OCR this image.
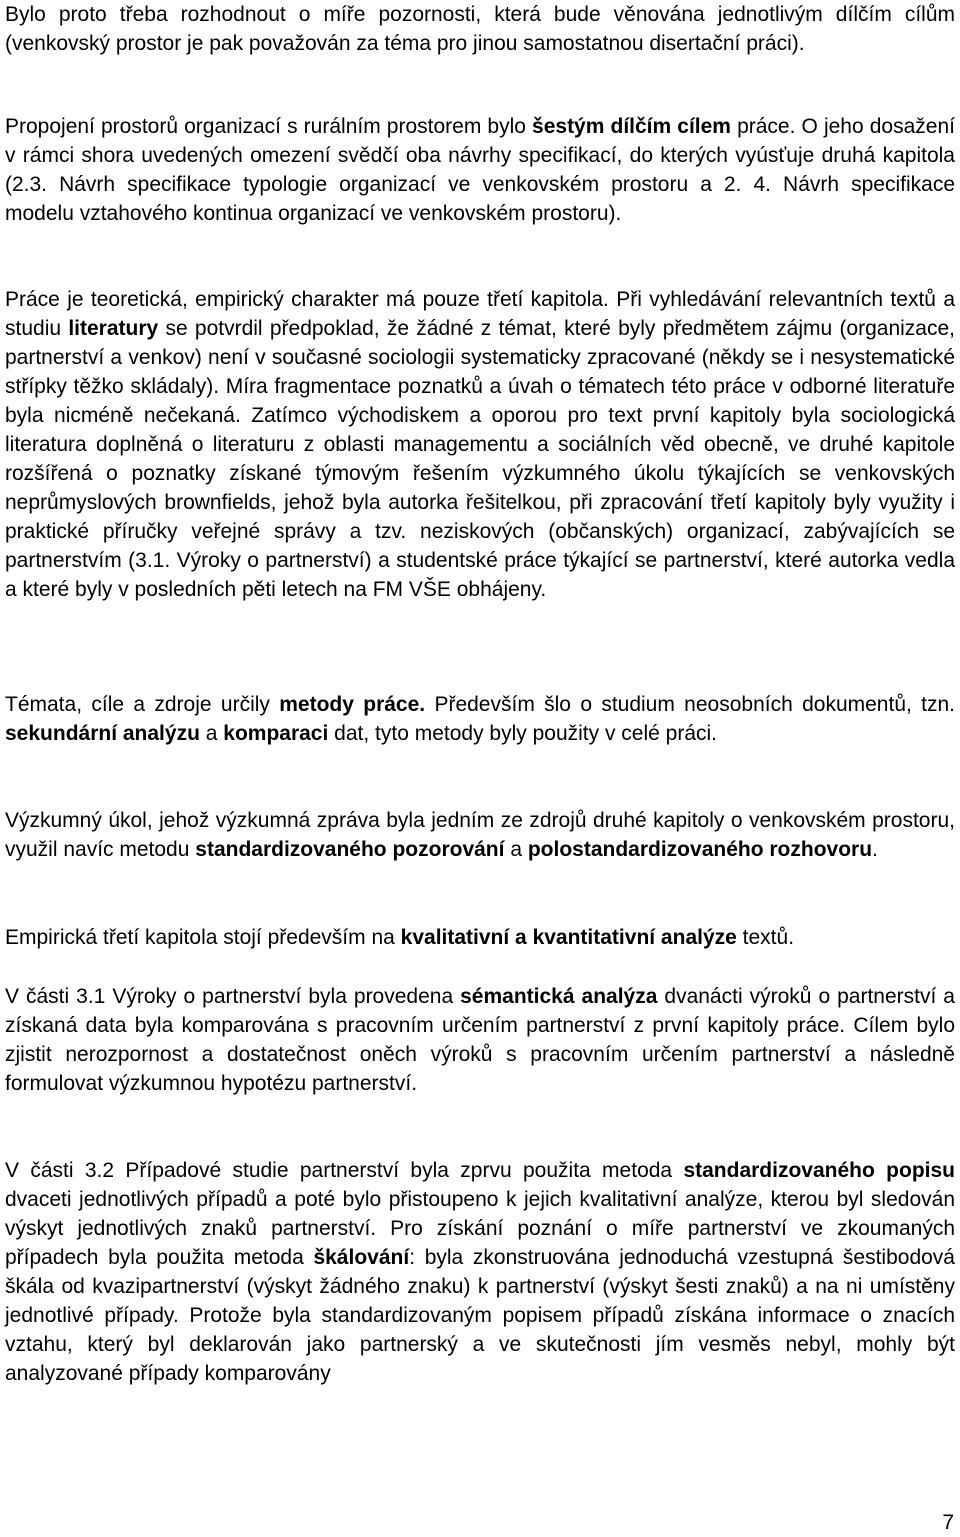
Bylo proto třeba rozhodnout o míře pozornosti, která bude věnována jednotlivým dílčím cílům (venkovský prostor je pak považován za téma pro jinou samostatnou disertační práci).

Propojení prostorů organizací s rurálním prostorem bylo šestým dílčím cílem práce. O jeho dosažení v rámci shora uvedených omezení svědčí oba návrhy specifikací, do kterých vyúsťuje druhá kapitola (2.3. Návrh specifikace typologie organizací ve venkovském prostoru a 2. 4. Návrh specifikace modelu vztahového kontinua organizací ve venkovském prostoru).

Práce je teoretická, empirický charakter má pouze třetí kapitola. Při vyhledávání relevantních textů a studiu literatury se potvrdil předpoklad, že žádné z témat, které byly předmětem zájmu (organizace, partnerství a venkov) není v současné sociologii systematicky zpracované (někdy se i nesystematické střípky těžko skládaly). Míra fragmentace poznatků a úvah o tématech této práce v odborné literatuře byla nicméně nečekaná. Zatímco východiskem a oporou pro text první kapitoly byla sociologická literatura doplněná o literaturu z oblasti managementu a sociálních věd obecně, ve druhé kapitole rozšířená o poznatky získané týmovým řešením výzkumného úkolu týkajících se venkovských neprůmyslových brownfields, jehož byla autorka řešitelkou, při zpracování třetí kapitoly byly využity i praktické příručky veřejné správy a tzv. neziskových (občanských) organizací, zabývajících se partnerstvím (3.1. Výroky o partnerství) a studentské práce týkající se partnerství, které autorka vedla a které byly v posledních pěti letech na FM VŠE obhájeny.

Témata, cíle a zdroje určily metody práce. Především šlo o studium neosobních dokumentů, tzn. sekundární analýzu a komparaci dat, tyto metody byly použity v celé práci.

Výzkumný úkol, jehož výzkumná zpráva byla jedním ze zdrojů druhé kapitoly o venkovském prostoru, využil navíc metodu standardizovaného pozorování a polostandardizovaného rozhovoru.

Empirická třetí kapitola stojí především na kvalitativní a kvantitativní analýze textů.

V části 3.1 Výroky o partnerství byla provedena sémantická analýza dvanácti výroků o partnerství a získaná data byla komparována s pracovním určením partnerství z první kapitoly práce. Cílem bylo zjistit nerozpornost a dostatečnost oněch výroků s pracovním určením partnerství a následně formulovat výzkumnou hypotézu partnerství.

V části 3.2 Případové studie partnerství byla zprvu použita metoda standardizovaného popisu dvaceti jednotlivých případů a poté bylo přistoupeno k jejich kvalitativní analýze, kterou byl sledován výskyt jednotlivých znaků partnerství. Pro získání poznání o míře partnerství ve zkoumaných případech byla použita metoda škálování: byla zkonstruována jednoduchá vzestupná šestibodová škála od kvazipartnerství (výskyt žádného znaku) k partnerství (výskyt šesti znaků) a na ni umístěny jednotlivé případy. Protože byla standardizovaným popisem případů získána informace o znacích vztahu, který byl deklarován jako partnerský a ve skutečnosti jím vesměs nebyl, mohly být analyzované případy komparovány

7
